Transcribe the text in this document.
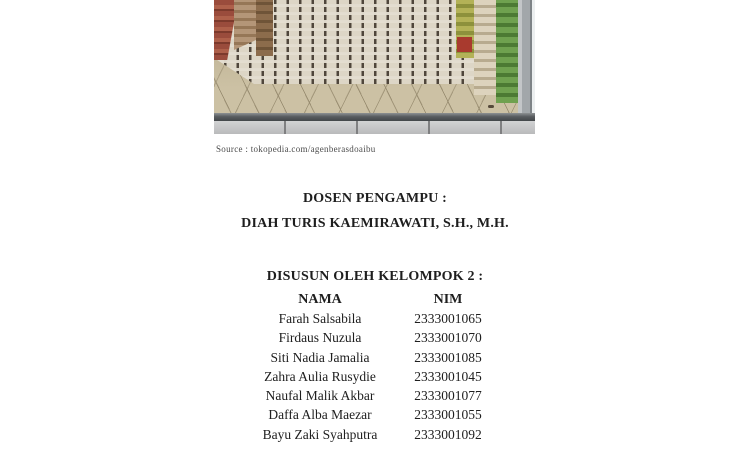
Source : tokopedia.com/agenberasdoaibu
DOSEN PENGAMPU :
DIAH TURIS KAEMIRAWATI, S.H., M.H.
DISUSUN OLEH KELOMPOK 2 :
NAMA	NIM
Farah Salsabila	2333001065
Firdaus Nuzula	2333001070
Siti Nadia Jamalia	2333001085
Zahra Aulia Rusydie	2333001045
Naufal Malik Akbar	2333001077
Daffa Alba Maezar	2333001055
Bayu Zaki Syahputra	2333001092
